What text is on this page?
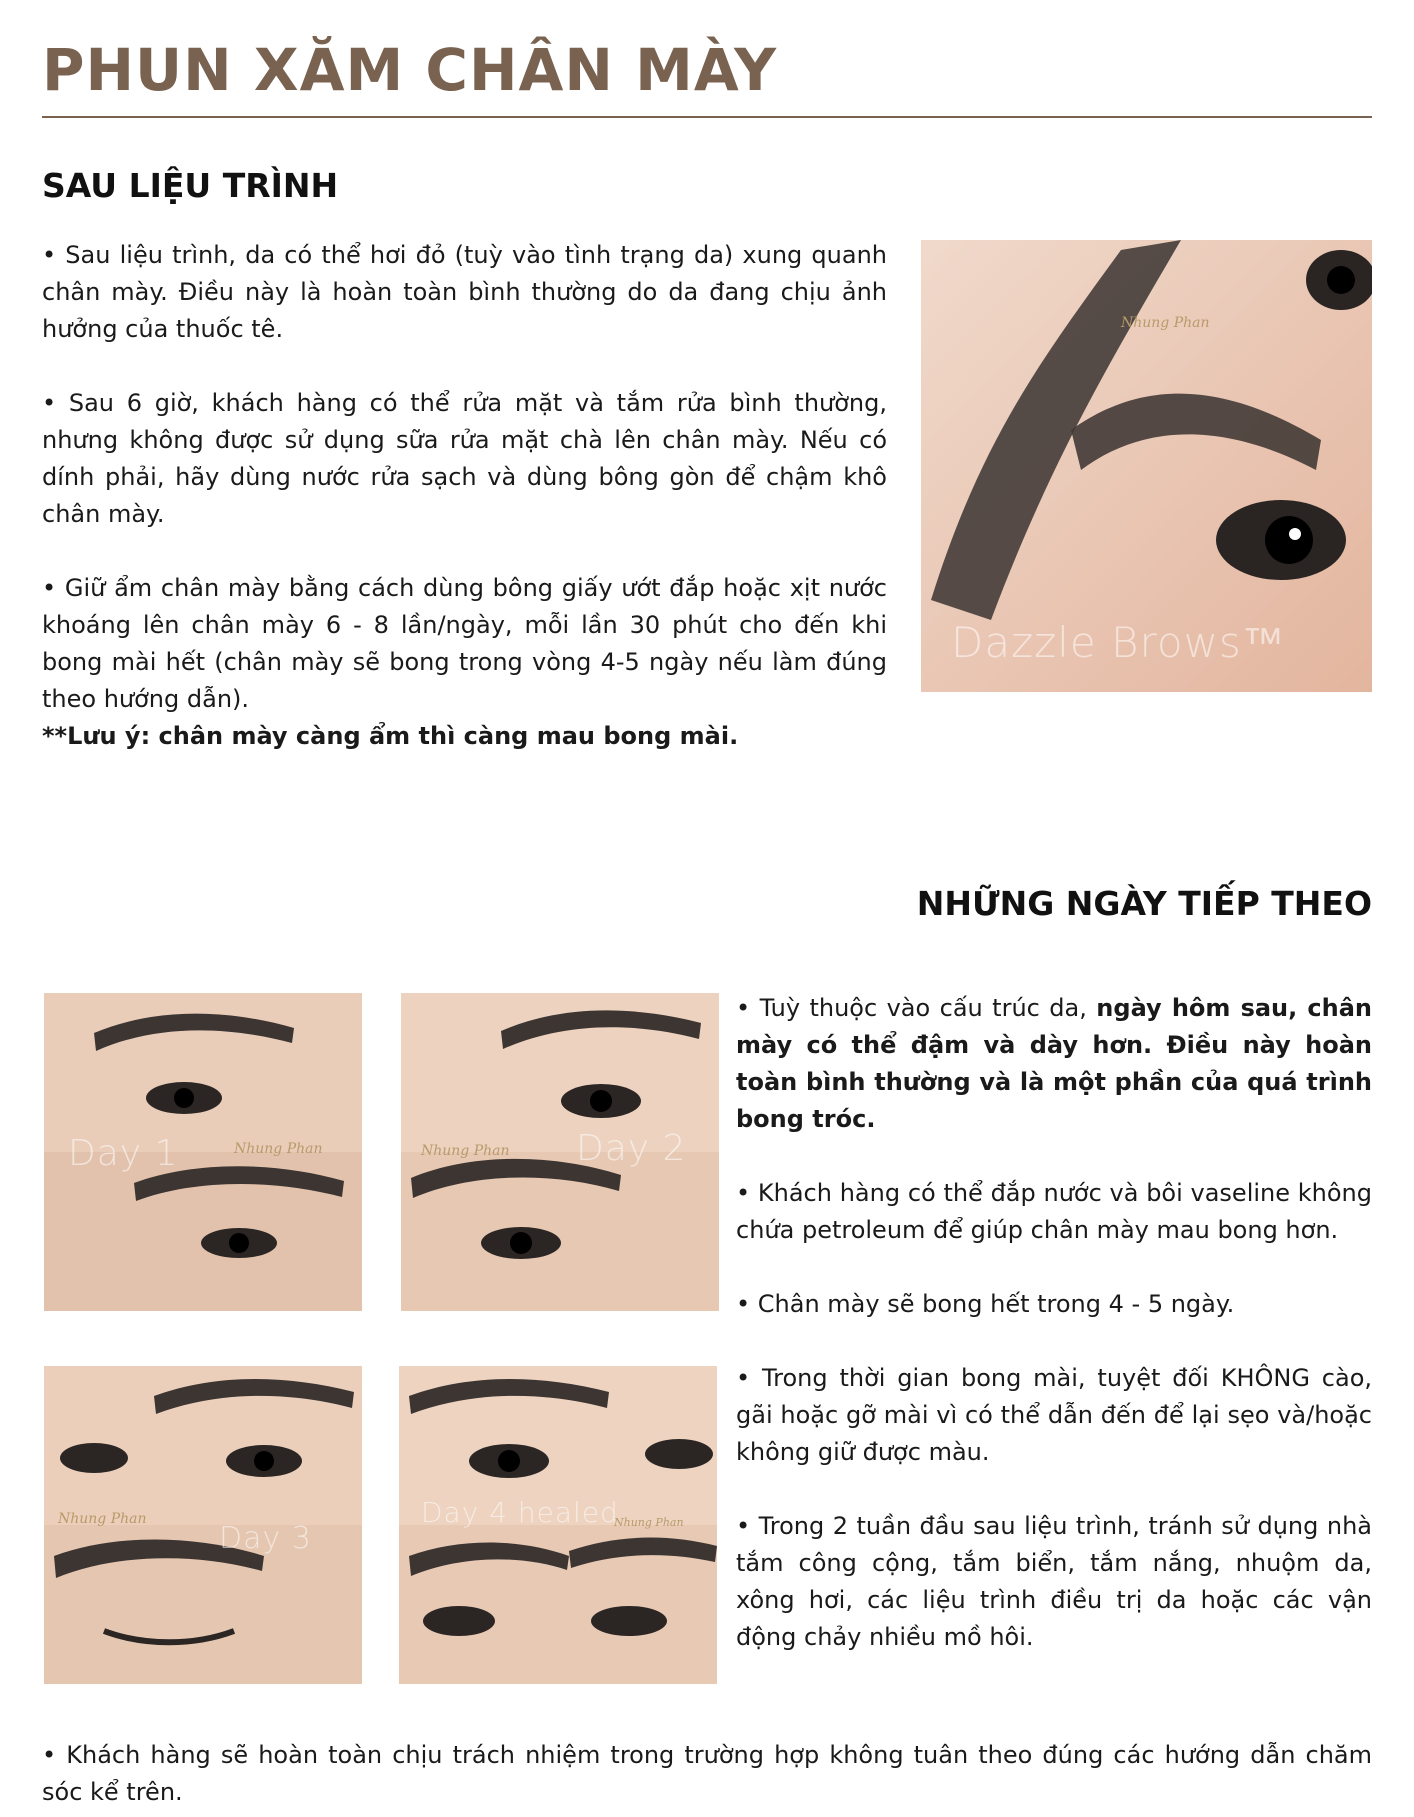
PHUN XĂM CHÂN MÀY
SAU LIỆU TRÌNH

• Sau liệu trình, da có thể hơi đỏ (tuỳ vào tình trạng da) xung quanh chân mày. Điều này là hoàn toàn bình thường do da đang chịu ảnh hưởng của thuốc tê.

• Sau 6 giờ, khách hàng có thể rửa mặt và tắm rửa bình thường, nhưng không được sử dụng sữa rửa mặt chà lên chân mày. Nếu có dính phải, hãy dùng nước rửa sạch và dùng bông gòn để chậm khô chân mày.

• Giữ ẩm chân mày bằng cách dùng bông giấy ướt đắp hoặc xịt nước khoáng lên chân mày 6 - 8 lần/ngày, mỗi lần 30 phút cho đến khi bong mài hết (chân mày sẽ bong trong vòng 4-5 ngày nếu làm đúng theo hướng dẫn).

**Lưu ý: chân mày càng ẩm thì càng mau bong mài.

Nhung Phan
Dazzle Brows™
NHỮNG NGÀY TIẾP THEO
Day 1	Nhung Phan	Day 2
Nhung Phan
Day 3
Nhung Phan	Day 4 healed
Nhung Phan

• Tuỳ thuộc vào cấu trúc da, ngày hôm sau, chân mày có thể đậm và dày hơn. Điều này hoàn toàn bình thường và là một phần của quá trình bong tróc.

• Khách hàng có thể đắp nước và bôi vaseline không chứa petroleum để giúp chân mày mau bong hơn.

• Chân mày sẽ bong hết trong 4 - 5 ngày.

• Trong thời gian bong mài, tuyệt đối KHÔNG cào, gãi hoặc gỡ mài vì có thể dẫn đến để lại sẹo và/hoặc không giữ được màu.

• Trong 2 tuần đầu sau liệu trình, tránh sử dụng nhà tắm công cộng, tắm biển, tắm nắng, nhuộm da, xông hơi, các liệu trình điều trị da hoặc các vận động chảy nhiều mồ hôi.

• Khách hàng sẽ hoàn toàn chịu trách nhiệm trong trường hợp không tuân theo đúng các hướng dẫn chăm sóc kể trên.
